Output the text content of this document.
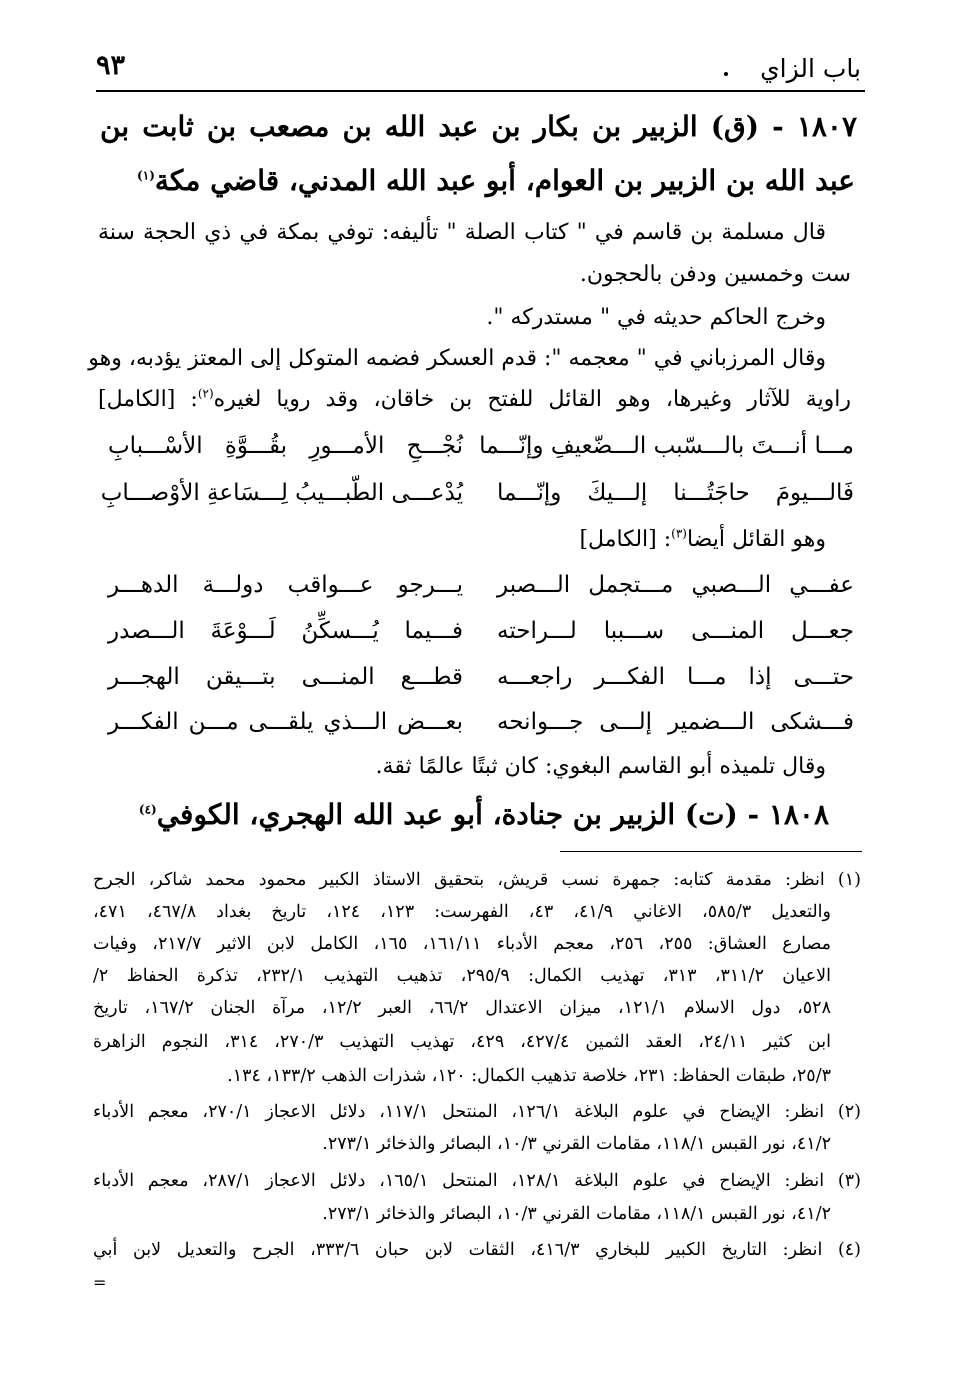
باب الزاي
٩٣
١٨٠٧ - (ق) الزبير بن بكار بن عبد الله بن مصعب بن ثابت بن
عبد الله بن الزبير بن العوام، أبو عبد الله المدني، قاضي مكة$^{(١)}$
قال مسلمة بن قاسم في " كتاب الصلة " تأليفه: توفي بمكة في ذي الحجة سنة
ست وخمسين ودفن بالحجون.
وخرج الحاكم حديثه في " مستدركه ".
وقال المرزباني في " معجمه ": قدم العسكر فضمه المتوكل إلى المعتز يؤدبه، وهو
راوية للآثار وغيرها، وهو القائل للفتح بن خاقان، وقد رويا لغيره$^{(٢)}$: [الكامل]
مـــا أنـــتَ بالـــسّبب الـــضّعيفِ وإنّـــما
نُجْـــحِ الأمـــورِ بقُـــوَّةِ الأسْـــبابِ
فَالـــيومَ حاجَتُـــنا إلـــيكَ وإنّـــما
يُدْعـــى الطّبـــيبُ لِـــسَاعةِ الأوْصـــابِ
وهو القائل أيضا$^{(٣)}$: [الكامل]
عفـــي الـــصبي مـــتجمل الـــصبر
يـــرجو عـــواقب دولـــة الدهـــر
جعـــل المنـــى ســـببا لـــراحته
فـــيما يُـــسكِّنُ لَـــوْعَةَ الـــصدر
حتـــى إذا مـــا الفكـــر راجعـــه
قطـــع المنـــى بتـــيقن الهجـــر
فـــشكى الـــضمير إلـــى جـــوانحه
بعـــض الـــذي يلقـــى مـــن الفكـــر
وقال تلميذه أبو القاسم البغوي: كان ثبتًا عالمًا ثقة.
١٨٠٨ - (ت) الزبير بن جنادة، أبو عبد الله الهجري، الكوفي$^{(٤)}$
(١) انظر: مقدمة كتابه: جمهرة نسب قريش، بتحقيق الاستاذ الكبير محمود محمد شاكر، الجرح
والتعديل ٥٨٥/٣، الاغاني ٤١/٩، ٤٣، الفهرست: ١٢٣، ١٢٤، تاريخ بغداد ٤٦٧/٨، ٤٧١،
مصارع العشاق: ٢٥٥، ٢٥٦، معجم الأدباء ١٦١/١١، ١٦٥، الكامل لابن الاثير ٢١٧/٧، وفيات
الاعيان ٣١١/٢، ٣١٣، تهذيب الكمال: ٢٩٥/٩، تذهيب التهذيب ٢٣٢/١، تذكرة الحفاظ ٢/
٥٢٨، دول الاسلام ١٢١/١، ميزان الاعتدال ٦٦/٢، العبر ١٢/٢، مرآة الجنان ١٦٧/٢، تاريخ
ابن كثير ٢٤/١١، العقد الثمين ٤٢٧/٤، ٤٢٩، تهذيب التهذيب ٢٧٠/٣، ٣١٤، النجوم الزاهرة
٢٥/٣، طبقات الحفاظ: ٢٣١، خلاصة تذهيب الكمال: ١٢٠، شذرات الذهب ١٣٣/٢، ١٣٤.
(٢) انظر: الإيضاح في علوم البلاغة ١٢٦/١، المنتحل ١١٧/١، دلائل الاعجاز ٢٧٠/١، معجم الأدباء
٤١/٢، نور القبس ١١٨/١، مقامات القرني ١٠/٣، البصائر والذخائر ٢٧٣/١.
(٣) انظر: الإيضاح في علوم البلاغة ١٢٨/١، المنتحل ١٦٥/١، دلائل الاعجاز ٢٨٧/١، معجم الأدباء
٤١/٢، نور القبس ١١٨/١، مقامات القرني ١٠/٣، البصائر والذخائر ٢٧٣/١.
(٤) انظر: التاريخ الكبير للبخاري ٤١٦/٣، الثقات لابن حبان ٣٣٣/٦، الجرح والتعديل لابن أبي
=
